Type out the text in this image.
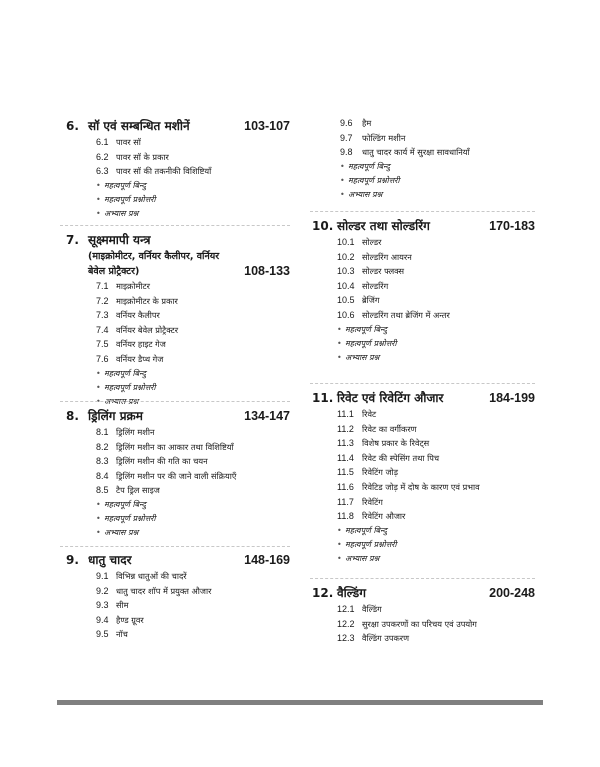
6. सॉ एवं सम्बन्धित मशीनें	103-107
6.1 पावर सॉ
6.2 पावर सॉ के प्रकार
6.3 पावर सॉ की तकनीकी विशिष्टियाँ
• महत्वपूर्ण बिन्दु
• महत्वपूर्ण प्रश्नोत्तरी
• अभ्यास प्रश्न
7. सूक्ष्ममापी यन्त्र
(माइक्रोमीटर, वर्नियर कैलीपर, वर्नियर
बेवेल प्रोट्रैक्टर)	108-133
7.1 माइक्रोमीटर
7.2 माइक्रोमीटर के प्रकार
7.3 वर्नियर कैलीपर
7.4 वर्नियर बेवेल प्रोट्रैक्टर
7.5 वर्नियर हाइट गेज
7.6 वर्नियर डैप्थ गेज
• महत्वपूर्ण बिन्दु
• महत्वपूर्ण प्रश्नोत्तरी
• अभ्यास प्रश्न
8. ड्रिलिंग प्रक्रम	134-147
8.1 ड्रिलिंग मशीन
8.2 ड्रिलिंग मशीन का आकार तथा विशिष्टियाँ
8.3 ड्रिलिंग मशीन की गति का चयन
8.4 ड्रिलिंग मशीन पर की जाने वाली संक्रियाएँ
8.5 टैप ड्रिल साइज
• महत्वपूर्ण बिन्दु
• महत्वपूर्ण प्रश्नोत्तरी
• अभ्यास प्रश्न
9. धातु चादर	148-169
9.1 विभिन्न धातुओं की चादरें
9.2 धातु चादर शॉप में प्रयुक्त औजार
9.3 सीम
9.4 हैण्ड ग्रूवर
9.5 नॉच
9.6 हैम
9.7 फोल्डिंग मशीन
9.8 धातु चादर कार्य में सुरक्षा सावधानियाँ
• महत्वपूर्ण बिन्दु
• महत्वपूर्ण प्रश्नोत्तरी
• अभ्यास प्रश्न
10. सोल्डर तथा सोल्डरिंग	170-183
10.1 सोल्डर
10.2 सोल्डरिंग आयरन
10.3 सोल्डर फ्लक्स
10.4 सोल्डरिंग
10.5 ब्रेजिंग
10.6 सोल्डरिंग तथा ब्रेजिंग में अन्तर
• महत्वपूर्ण बिन्दु
• महत्वपूर्ण प्रश्नोत्तरी
• अभ्यास प्रश्न
11. रिवेट एवं रिवेटिंग औजार	184-199
11.1 रिवेट
11.2 रिवेट का वर्गीकरण
11.3 विशेष प्रकार के रिवेट्स
11.4 रिवेट की स्पेसिंग तथा पिच
11.5 रिवेटिंग जोड़
11.6 रिवेटिड जोड़ में दोष के कारण एवं प्रभाव
11.7 रिवेटिंग
11.8 रिवेटिंग औजार
• महत्वपूर्ण बिन्दु
• महत्वपूर्ण प्रश्नोत्तरी
• अभ्यास प्रश्न
12. वैल्डिंग	200-248
12.1 वैल्डिंग
12.2 सुरक्षा उपकरणों का परिचय एवं उपयोग
12.3 वैल्डिंग उपकरण
